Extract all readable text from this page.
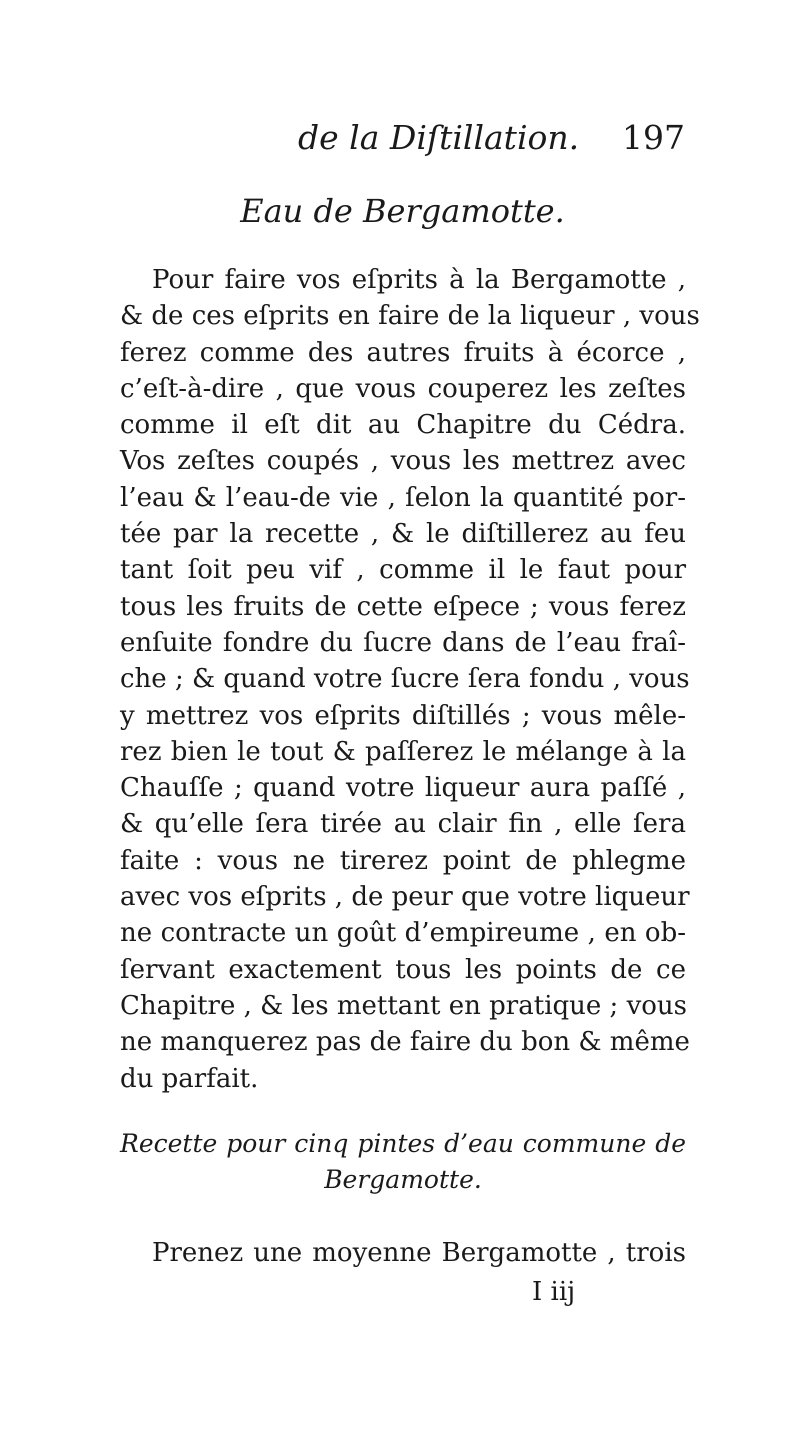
de la Diſtillation. 197
Eau de Bergamotte.
Pour faire vos eſprits à la Bergamotte ,
& de ces eſprits en faire de la liqueur , vous
ferez comme des autres fruits à écorce ,
c’eſt-à-dire , que vous couperez les zeſtes
comme il eſt dit au Chapitre du Cédra.
Vos zeſtes coupés , vous les mettrez avec
l’eau & l’eau-de vie , ſelon la quantité por-
tée par la recette , & le diſtillerez au feu
tant ſoit peu vif , comme il le faut pour
tous les fruits de cette eſpece ; vous ferez
enſuite fondre du ſucre dans de l’eau fraî-
che ; & quand votre ſucre ſera fondu , vous
y mettrez vos eſprits diſtillés ; vous mêle-
rez bien le tout & paſſerez le mélange à la
Chauſſe ; quand votre liqueur aura paſſé ,
& qu’elle ſera tirée au clair fin , elle ſera
faite : vous ne tirerez point de phlegme
avec vos eſprits , de peur que votre liqueur
ne contracte un goût d’empireume , en ob-
ſervant exactement tous les points de ce
Chapitre , & les mettant en pratique ; vous
ne manquerez pas de faire du bon & même
du parfait.
Recette pour cinq pintes d’eau commune de
Bergamotte.
Prenez une moyenne Bergamotte , trois
I iij
